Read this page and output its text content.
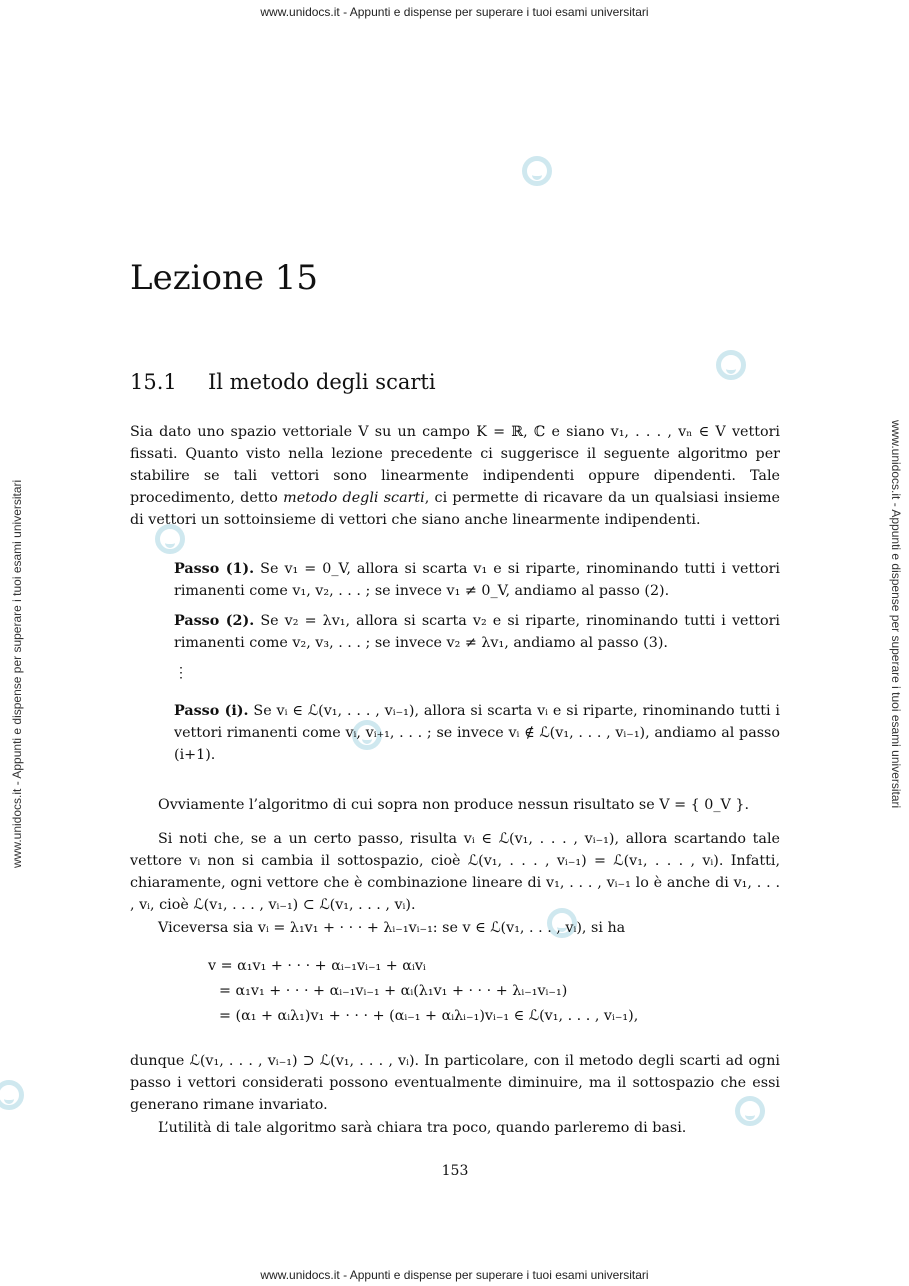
www.unidocs.it - Appunti e dispense per superare i tuoi esami universitari
www.unidocs.it - Appunti e dispense per superare i tuoi esami universitari
www.unidocs.it - Appunti e dispense per superare i tuoi esami universitari	www.unidocs.it - Appunti e dispense per superare i tuoi esami universitari
Lezione 15
15.1 Il metodo degli scarti

Sia dato uno spazio vettoriale V su un campo K = ℝ, ℂ e siano v₁, . . . , vₙ ∈ V vettori fissati. Quanto visto nella lezione precedente ci suggerisce il seguente algoritmo per stabilire se tali vettori sono linearmente indipendenti oppure dipendenti. Tale procedimento, detto metodo degli scarti, ci permette di ricavare da un qualsiasi insieme di vettori un sottoinsieme di vettori che siano anche linearmente indipendenti.

Passo (1). Se v₁ = 0_V, allora si scarta v₁ e si riparte, rinominando tutti i vettori rimanenti come v₁, v₂, . . . ; se invece v₁ ≠ 0_V, andiamo al passo (2).

Passo (2). Se v₂ = λv₁, allora si scarta v₂ e si riparte, rinominando tutti i vettori rimanenti come v₂, v₃, . . . ; se invece v₂ ≠ λv₁, andiamo al passo (3).

⋮

Passo (i). Se vᵢ ∈ ℒ(v₁, . . . , vᵢ₋₁), allora si scarta vᵢ e si riparte, rinominando tutti i vettori rimanenti come vᵢ, vᵢ₊₁, . . . ; se invece vᵢ ∉ ℒ(v₁, . . . , vᵢ₋₁), andiamo al passo (i+1).

Ovviamente l’algoritmo di cui sopra non produce nessun risultato se V = { 0_V }.

Si noti che, se a un certo passo, risulta vᵢ ∈ ℒ(v₁, . . . , vᵢ₋₁), allora scartando tale vettore vᵢ non si cambia il sottospazio, cioè ℒ(v₁, . . . , vᵢ₋₁) = ℒ(v₁, . . . , vᵢ). Infatti, chiaramente, ogni vettore che è combinazione lineare di v₁, . . . , vᵢ₋₁ lo è anche di v₁, . . . , vᵢ, cioè ℒ(v₁, . . . , vᵢ₋₁) ⊂ ℒ(v₁, . . . , vᵢ).

Viceversa sia vᵢ = λ₁v₁ + · · · + λᵢ₋₁vᵢ₋₁: se v ∈ ℒ(v₁, . . . , vᵢ), si ha

v = α₁v₁ + · · · + αᵢ₋₁vᵢ₋₁ + αᵢvᵢ
= α₁v₁ + · · · + αᵢ₋₁vᵢ₋₁ + αᵢ(λ₁v₁ + · · · + λᵢ₋₁vᵢ₋₁)
= (α₁ + αᵢλ₁)v₁ + · · · + (αᵢ₋₁ + αᵢλᵢ₋₁)vᵢ₋₁ ∈ ℒ(v₁, . . . , vᵢ₋₁),

dunque ℒ(v₁, . . . , vᵢ₋₁) ⊃ ℒ(v₁, . . . , vᵢ). In particolare, con il metodo degli scarti ad ogni passo i vettori considerati possono eventualmente diminuire, ma il sottospazio che essi generano rimane invariato.

L’utilità di tale algoritmo sarà chiara tra poco, quando parleremo di basi.

153
